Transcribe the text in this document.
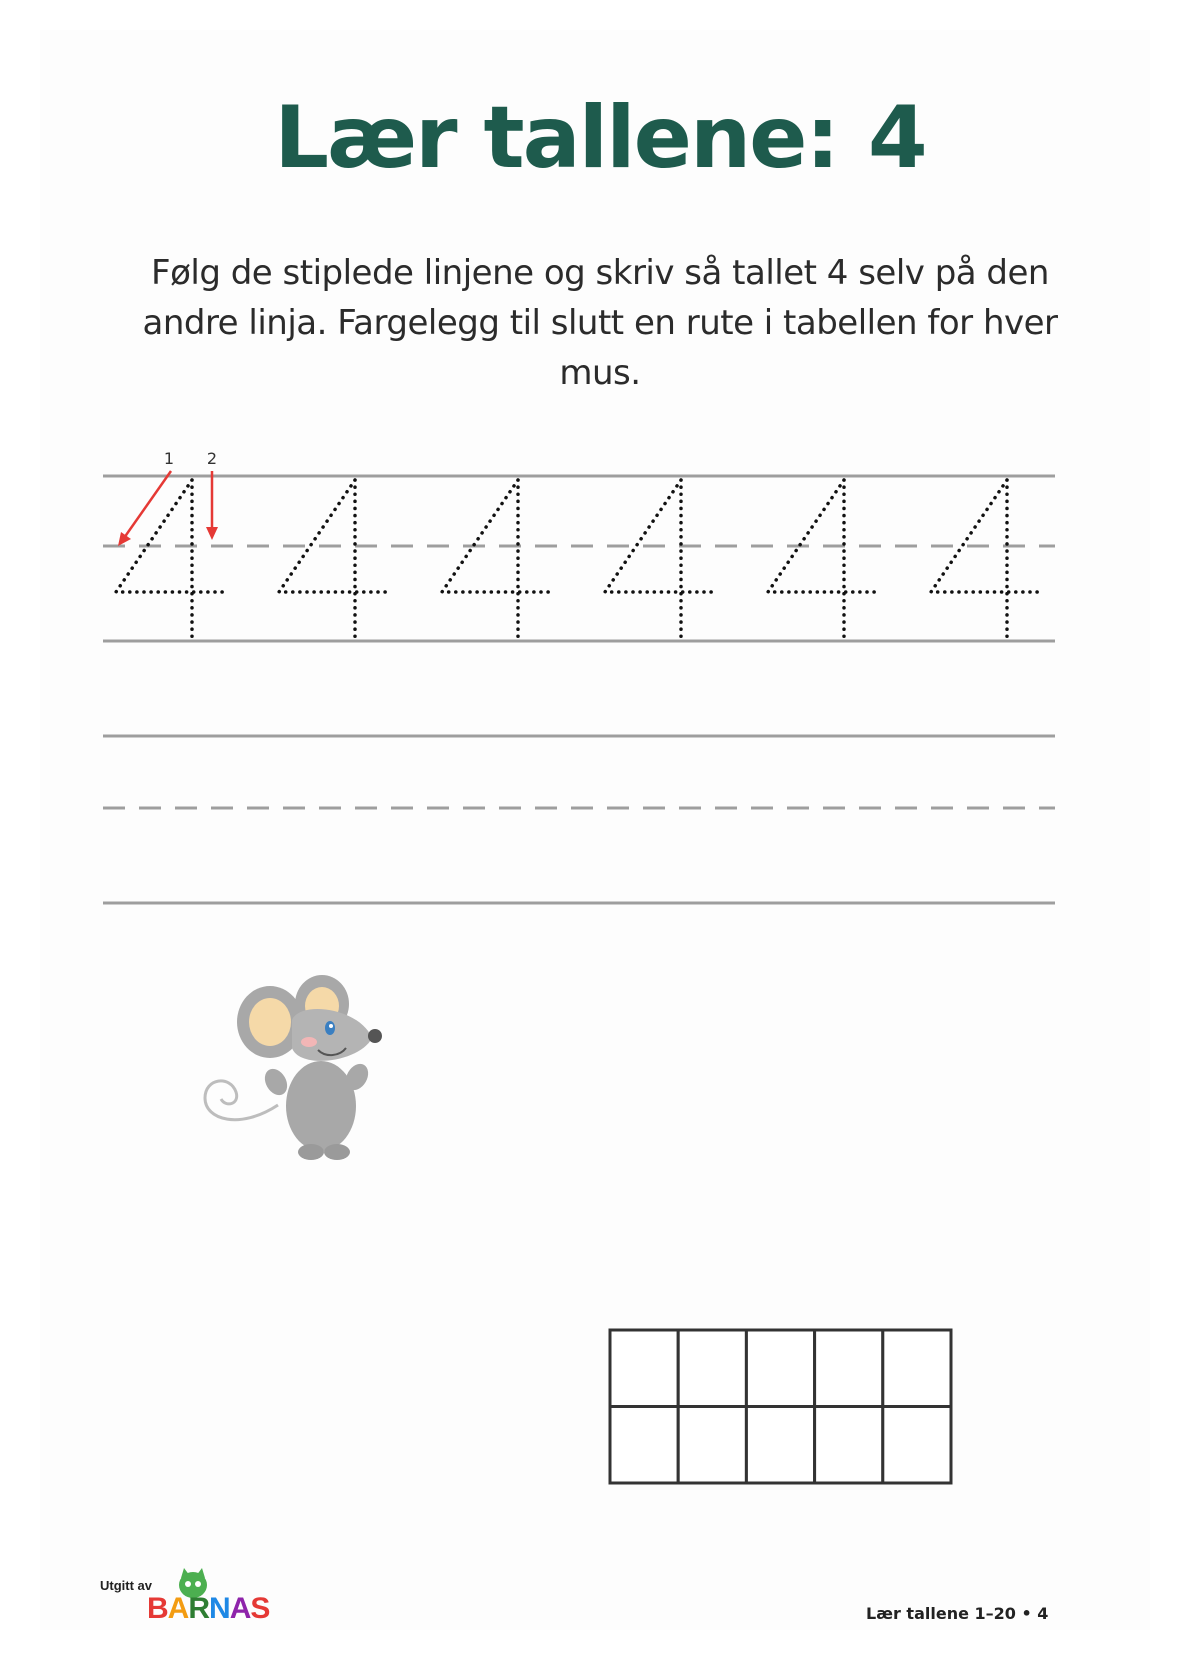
Lær tallene: 4

Følg de stiplede linjene og skriv så tallet 4 selv på den andre linja. Fargelegg til slutt en rute i tabellen for hver mus.

1 2
Utgitt av
BARNAS	Lær tallene 1–20 • 4
